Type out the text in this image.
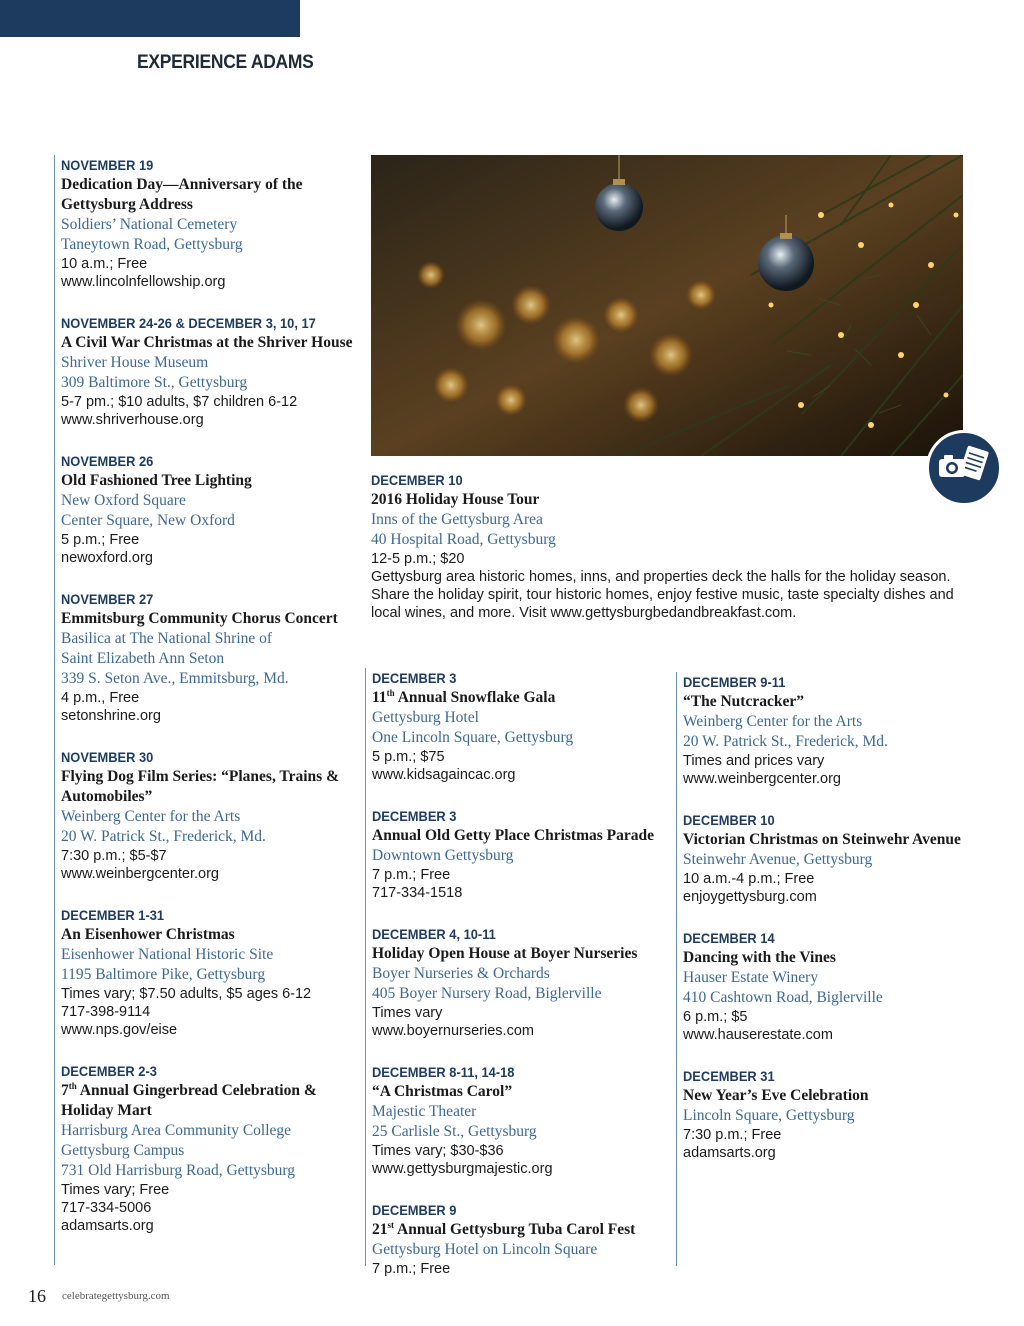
EXPERIENCE ADAMS
NOVEMBER 19
Dedication Day—Anniversary of the Gettysburg Address
Soldiers’ National Cemetery
Taneytown Road, Gettysburg
10 a.m.; Free
www.lincolnfellowship.org
NOVEMBER 24-26 & DECEMBER 3, 10, 17
A Civil War Christmas at the Shriver House
Shriver House Museum
309 Baltimore St., Gettysburg
5-7 pm.; $10 adults, $7 children 6-12
www.shriverhouse.org
NOVEMBER 26
Old Fashioned Tree Lighting
New Oxford Square
Center Square, New Oxford
5 p.m.; Free
newoxford.org
NOVEMBER 27
Emmitsburg Community Chorus Concert
Basilica at The National Shrine of
Saint Elizabeth Ann Seton
339 S. Seton Ave., Emmitsburg, Md.
4 p.m., Free
setonshrine.org
NOVEMBER 30
Flying Dog Film Series: “Planes, Trains & Automobiles”
Weinberg Center for the Arts
20 W. Patrick St., Frederick, Md.
7:30 p.m.; $5-$7
www.weinbergcenter.org
DECEMBER 1-31
An Eisenhower Christmas
Eisenhower National Historic Site
1195 Baltimore Pike, Gettysburg
Times vary; $7.50 adults, $5 ages 6-12
717-398-9114
www.nps.gov/eise
DECEMBER 2-3
7th Annual Gingerbread Celebration & Holiday Mart
Harrisburg Area Community College
Gettysburg Campus
731 Old Harrisburg Road, Gettysburg
Times vary; Free
717-334-5006
adamsarts.org
DECEMBER 10
2016 Holiday House Tour
Inns of the Gettysburg Area
40 Hospital Road, Gettysburg
12-5 p.m.; $20
Gettysburg area historic homes, inns, and properties deck the halls for the holiday season. Share the holiday spirit, tour historic homes, enjoy festive music, taste specialty dishes and local wines, and more. Visit www.gettysburgbedandbreakfast.com.
DECEMBER 3
11th Annual Snowflake Gala
Gettysburg Hotel
One Lincoln Square, Gettysburg
5 p.m.; $75
www.kidsagaincac.org
DECEMBER 3
Annual Old Getty Place Christmas Parade
Downtown Gettysburg
7 p.m.; Free
717-334-1518
DECEMBER 4, 10-11
Holiday Open House at Boyer Nurseries
Boyer Nurseries & Orchards
405 Boyer Nursery Road, Biglerville
Times vary
www.boyernurseries.com
DECEMBER 8-11, 14-18
“A Christmas Carol”
Majestic Theater
25 Carlisle St., Gettysburg
Times vary; $30-$36
www.gettysburgmajestic.org
DECEMBER 9
21st Annual Gettysburg Tuba Carol Fest
Gettysburg Hotel on Lincoln Square
7 p.m.; Free
DECEMBER 9-11
“The Nutcracker”
Weinberg Center for the Arts
20 W. Patrick St., Frederick, Md.
Times and prices vary
www.weinbergcenter.org
DECEMBER 10
Victorian Christmas on Steinwehr Avenue
Steinwehr Avenue, Gettysburg
10 a.m.-4 p.m.; Free
enjoygettysburg.com
DECEMBER 14
Dancing with the Vines
Hauser Estate Winery
410 Cashtown Road, Biglerville
6 p.m.; $5
www.hauserestate.com
DECEMBER 31
New Year’s Eve Celebration
Lincoln Square, Gettysburg
7:30 p.m.; Free
adamsarts.org
16 celebrategettysburg.com
